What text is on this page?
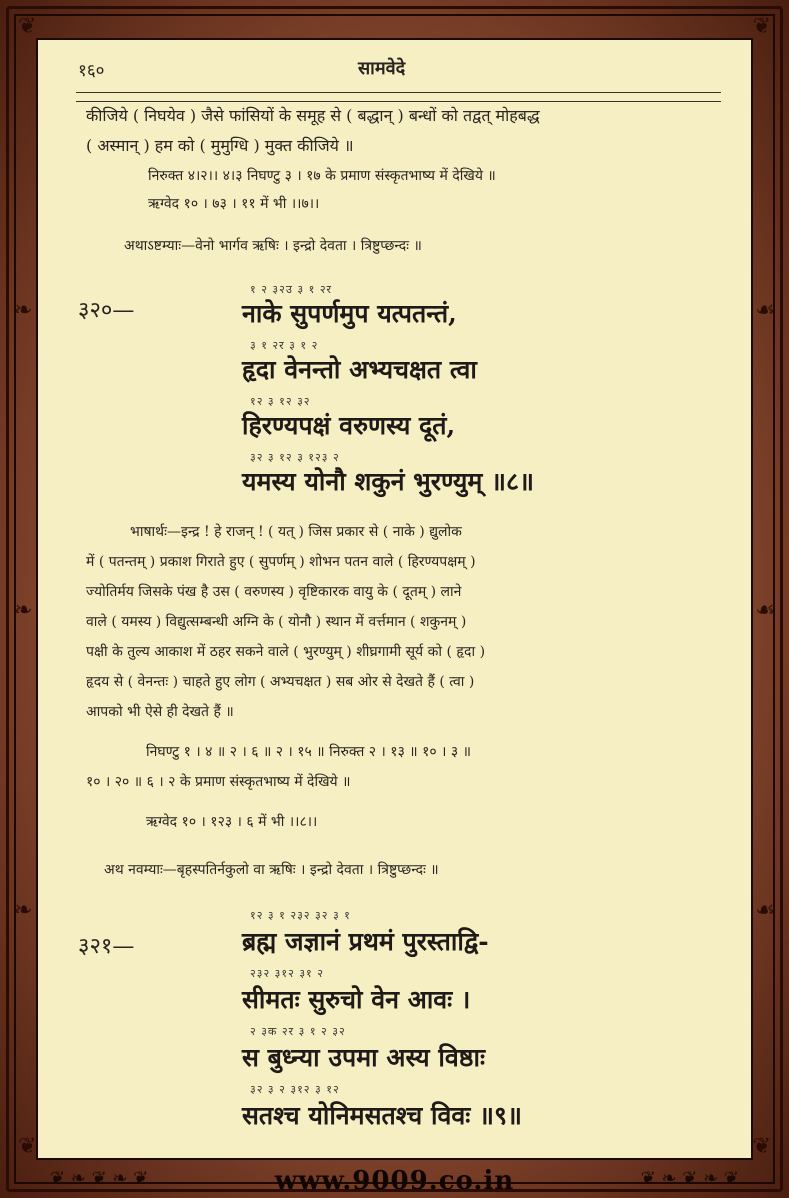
❦	❦
❦	❦
❧
❧
❧
☙
☙
☙
१६०	सामवेदे
कीजिये ( निघयेव ) जैसे फांसियों के समूह से ( बद्धान् ) बन्धों को तद्वत् मोहबद्ध
( अस्मान् ) हम को ( मुमुग्धि ) मुक्त कीजिये ॥
निरुक्त ४।२।। ४।३ निघण्टु ३ । १७ के प्रमाण संस्कृतभाष्य में देखिये ॥
ऋग्वेद १० । ७३ । ११ में भी ।।७।।
अथाऽष्टम्याः—वेनो भार्गव ऋषिः । इन्द्रो देवता । त्रिष्टुप्छन्दः ॥
३२०—
१ २ ३२उ ३ १ २र
नाके सुपर्णमुप यत्पतन्तं,
३ १ २र ३ १ २
हृदा वेनन्तो अभ्यचक्षत त्वा
१२ ३ १२ ३२
हिरण्यपक्षं वरुणस्य दूतं,
३२ ३ १२ ३ १२३ २
यमस्य योनौ शकुनं भुरण्युम् ॥८॥
भाषार्थः—इन्द्र ! हे राजन् ! ( यत् ) जिस प्रकार से ( नाके ) द्युलोक
में ( पतन्तम् ) प्रकाश गिराते हुए ( सुपर्णम् ) शोभन पतन वाले ( हिरण्यपक्षम् )
ज्योतिर्मय जिसके पंख है उस ( वरुणस्य ) वृष्टिकारक वायु के ( दूतम् ) लाने
वाले ( यमस्य ) विद्युत्सम्बन्धी अग्नि के ( योनौ ) स्थान में वर्त्तमान ( शकुनम् )
पक्षी के तुल्य आकाश में ठहर सकने वाले ( भुरण्युम् ) शीघ्रगामी सूर्य को ( हृदा )
हृदय से ( वेनन्तः ) चाहते हुए लोग ( अभ्यचक्षत ) सब ओर से देखते हैं ( त्वा )
आपको भी ऐसे ही देखते हैं ॥
निघण्टु १ । ४ ॥ २ । ६ ॥ २ । १५ ॥ निरुक्त २ । १३ ॥ १० । ३ ॥
१० । २० ॥ ६ । २ के प्रमाण संस्कृतभाष्य में देखिये ॥
ऋग्वेद १० । १२३ । ६ में भी ।।८।।
अथ नवम्याः—बृहस्पतिर्नकुलो वा ऋषिः । इन्द्रो देवता । त्रिष्टुप्छन्दः ॥
३२१—
१२ ३ १ २३२ ३२ ३ १
ब्रह्म जज्ञानं प्रथमं पुरस्ताद्वि-
२३२ ३१२ ३१ २
सीमतः सुरुचो वेन आवः ।
२ ३क २र ३ १ २ ३२
स बुध्न्या उपमा अस्य विष्ठाः
३२ ३ २ ३१२ ३ १२
सतश्च योनिमसतश्च विवः ॥९॥
❦ ❧ ❦ ❧ ❦	❦ ❧ ❦ ❧ ❦
www.9009.co.in
